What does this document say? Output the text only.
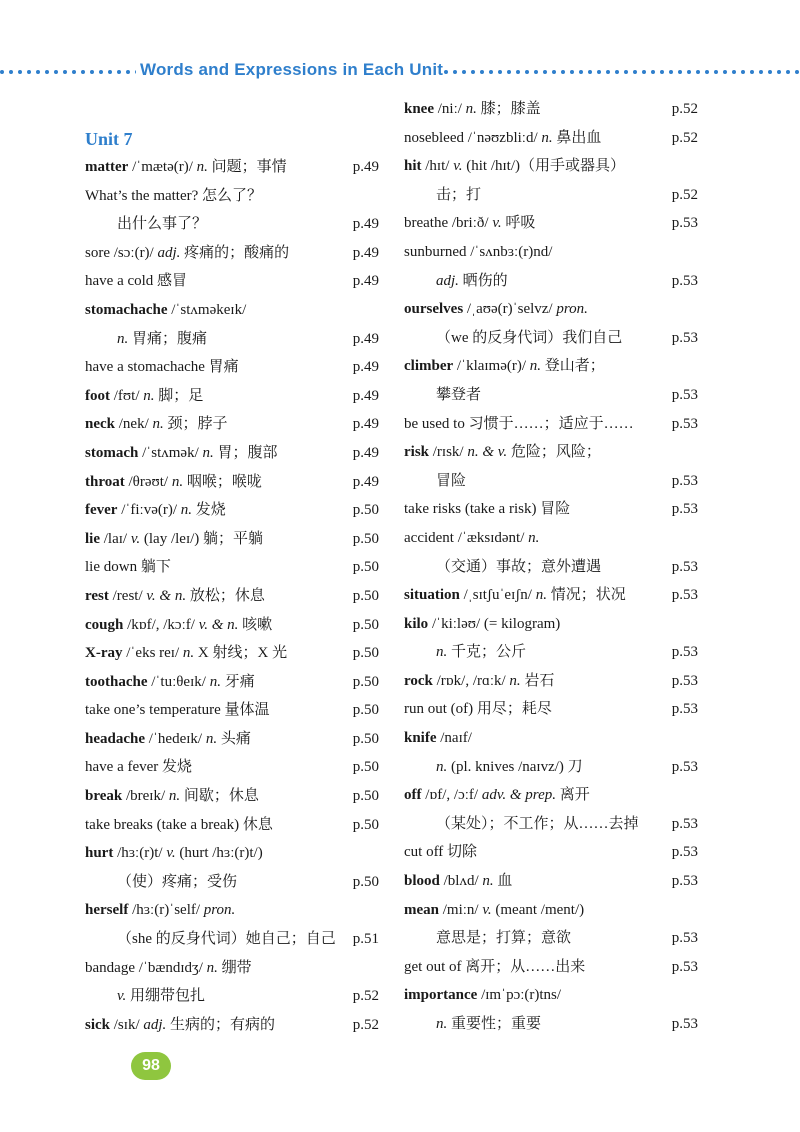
Words and Expressions in Each Unit
Unit 7
matter /ˈmætə(r)/ n. 问题；事情	p.49
What’s the matter? 怎么了？
出什么事了？	p.49
sore /sɔː(r)/ adj. 疼痛的；酸痛的	p.49
have a cold 感冒	p.49
stomachache /ˈstʌməkeɪk/
n. 胃痛；腹痛	p.49
have a stomachache 胃痛	p.49
foot /fʊt/ n. 脚；足	p.49
neck /nek/ n. 颈；脖子	p.49
stomach /ˈstʌmək/ n. 胃；腹部	p.49
throat /θrəʊt/ n. 咽喉；喉咙	p.49
fever /ˈfiːvə(r)/ n. 发烧	p.50
lie /laɪ/ v. (lay /leɪ/) 躺；平躺	p.50
lie down 躺下	p.50
rest /rest/ v. & n. 放松；休息	p.50
cough /kɒf/, /kɔːf/ v. & n. 咳嗽	p.50
X-ray /ˈeks reɪ/ n. X 射线；X 光	p.50
toothache /ˈtuːθeɪk/ n. 牙痛	p.50
take one’s temperature 量体温	p.50
headache /ˈhedeɪk/ n. 头痛	p.50
have a fever 发烧	p.50
break /breɪk/ n. 间歇；休息	p.50
take breaks (take a break) 休息	p.50
hurt /hɜː(r)t/ v. (hurt /hɜː(r)t/)
（使）疼痛；受伤	p.50
herself /hɜː(r)ˈself/ pron.
（she 的反身代词）她自己；自己 p.51
bandage /ˈbændɪdʒ/ n. 绷带
v. 用绷带包扎	p.52
sick /sɪk/ adj. 生病的；有病的	p.52
knee /niː/ n. 膝；膝盖	p.52
nosebleed /ˈnəʊzbliːd/ n. 鼻出血	p.52
hit /hɪt/ v. (hit /hɪt/)（用手或器具）
击；打	p.52
breathe /briːð/ v. 呼吸	p.53
sunburned /ˈsʌnbɜː(r)nd/
adj. 晒伤的	p.53
ourselves /ˌaʊə(r)ˈselvz/ pron.
（we 的反身代词）我们自己	p.53
climber /ˈklaɪmə(r)/ n. 登山者；
攀登者	p.53
be used to 习惯于……；适应于……	p.53
risk /rɪsk/ n. & v. 危险；风险；
冒险	p.53
take risks (take a risk) 冒险	p.53
accident /ˈæksɪdənt/ n.
（交通）事故；意外遭遇	p.53
situation /ˌsɪtʃuˈeɪʃn/ n. 情况；状况	p.53
kilo /ˈkiːləʊ/ (= kilogram)
n. 千克；公斤	p.53
rock /rɒk/, /rɑːk/ n. 岩石	p.53
run out (of) 用尽；耗尽	p.53
knife /naɪf/
n. (pl. knives /naɪvz/) 刀	p.53
off /ɒf/, /ɔːf/ adv. & prep. 离开
（某处）；不工作；从……去掉 p.53
cut off 切除	p.53
blood /blʌd/ n. 血	p.53
mean /miːn/ v. (meant /ment/)
意思是；打算；意欲	p.53
get out of 离开；从……出来	p.53
importance /ɪmˈpɔː(r)tns/
n. 重要性；重要	p.53
98
